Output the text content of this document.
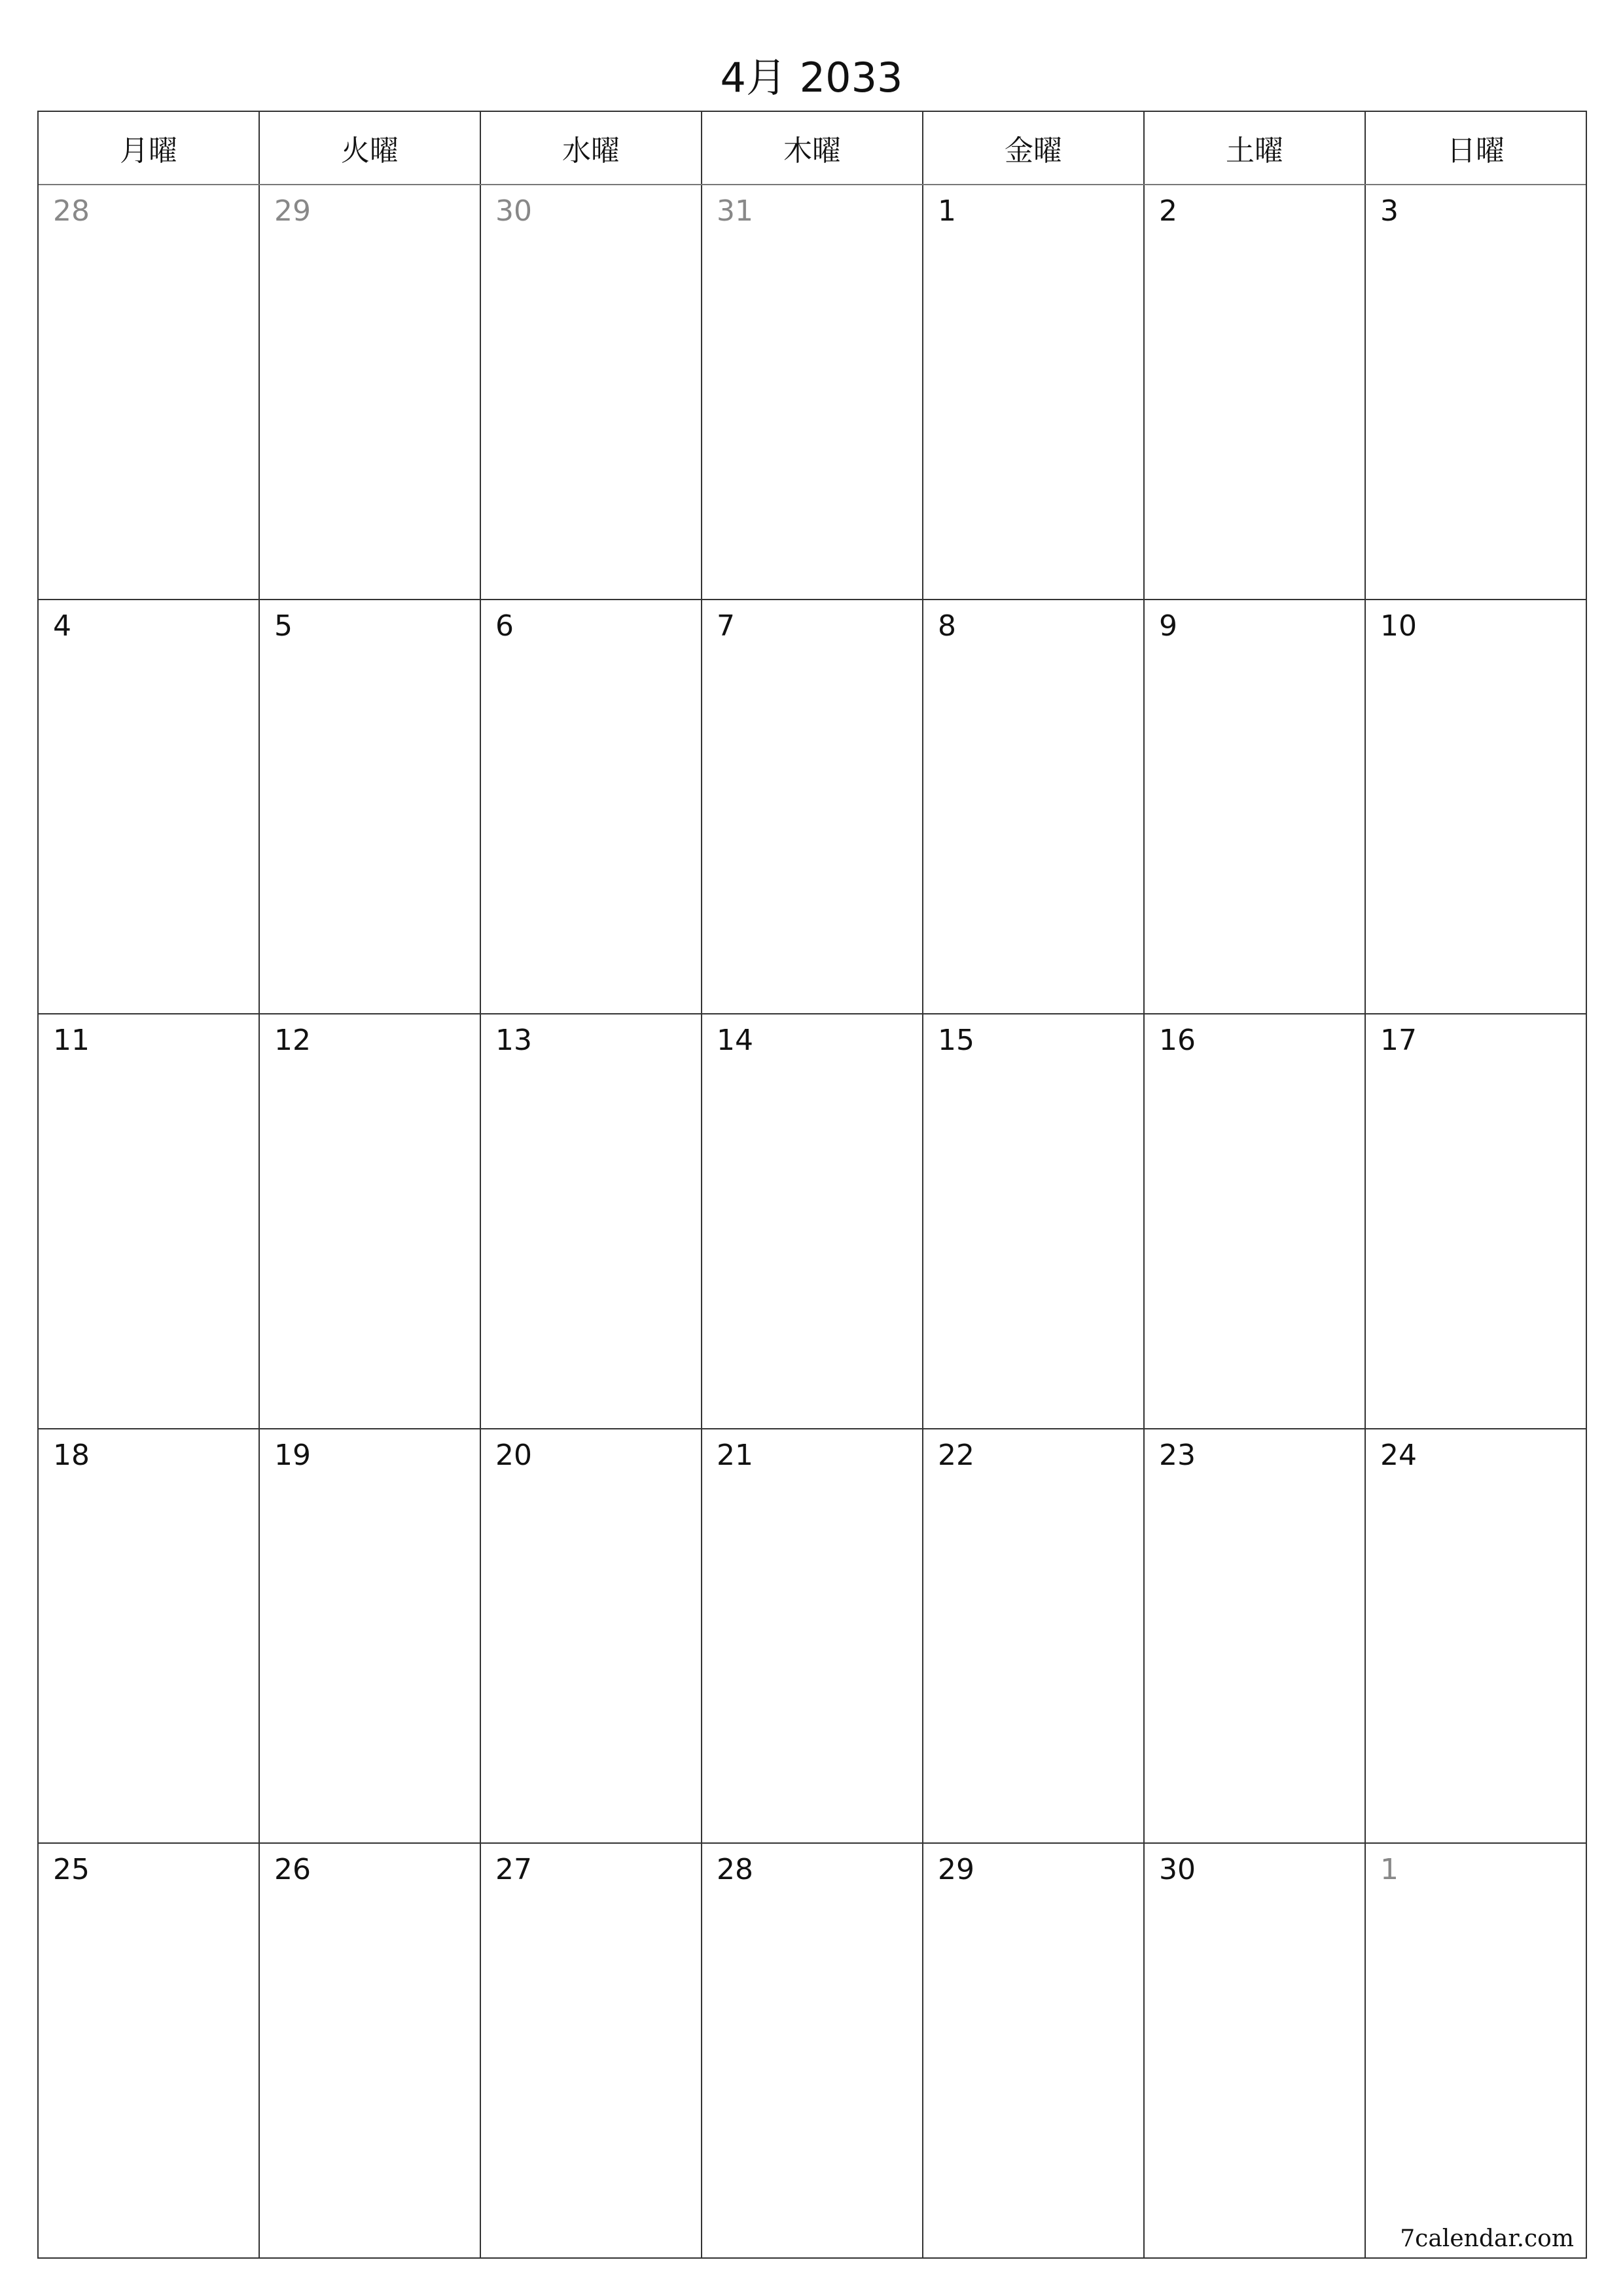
4月 2033
月曜	火曜	水曜	木曜	金曜	土曜	日曜
28	29	30	31	1	2	3
4	5	6	7	8	9	10
11	12	13	14	15	16	17
18	19	20	21	22	23	24
25	26	27	28	29	30	1
7calendar.com
